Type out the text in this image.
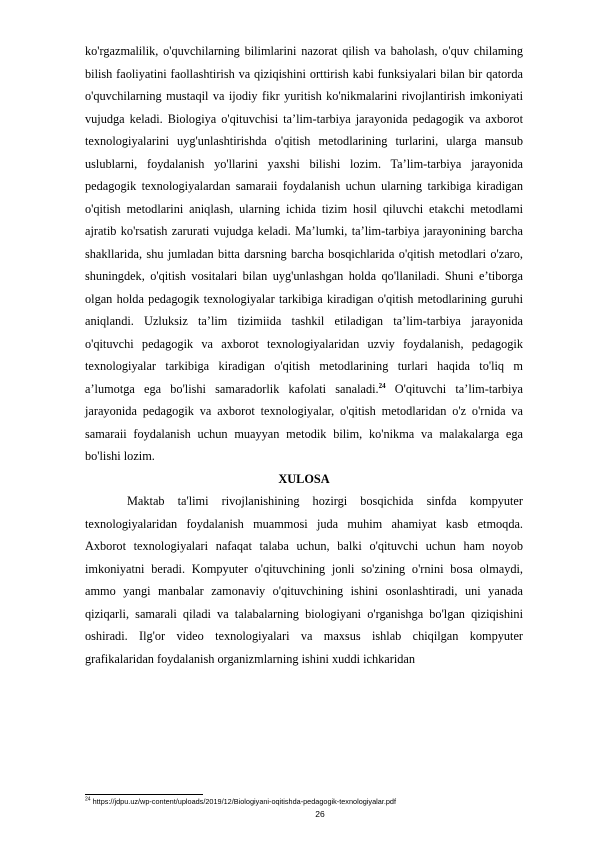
ko'rgazmalilik, o'quvchilarning bilimlarini nazorat qilish va baholash, o'quv chilaming bilish faoliyatini faollashtirish va qiziqishini orttirish kabi funksiyalari bilan bir qatorda o'quvchilarning mustaqil va ijodiy fikr yuritish ko'nikmalarini rivojlantirish imkoniyati vujudga keladi. Biologiya o'qituvchisi ta’lim-tarbiya jarayonida pedagogik va axborot texnologiyalarini uyg'unlashtirishda o'qitish metodlarining turlarini, ularga mansub uslublarni, foydalanish yo'llarini yaxshi bilishi lozim. Ta’lim-tarbiya jarayonida pedagogik texnologiyalardan samaraii foydalanish uchun ularning tarkibiga kiradigan o'qitish metodlarini aniqlash, ularning ichida tizim hosil qiluvchi etakchi metodlami ajratib ko'rsatish zarurati vujudga keladi. Ma’lumki, ta’lim-tarbiya jarayonining barcha shakllarida, shu jumladan bitta darsning barcha bosqichlarida o'qitish metodlari o'zaro, shuningdek, o'qitish vositalari bilan uyg'unlashgan holda qo'llaniladi. Shuni e’tiborga olgan holda pedagogik texnologiyalar tarkibiga kiradigan o'qitish metodlarining guruhi aniqlandi. Uzluksiz ta’lim tizimiida tashkil etiladigan ta’lim-tarbiya jarayonida o'qituvchi pedagogik va axborot texnologiyalaridan uzviy foydalanish, pedagogik texnologiyalar tarkibiga kiradigan o'qitish metodlarining turlari haqida to'liq m a’lumotga ega bo'lishi samaradorlik kafolati sanaladi.$^{24}$ O'qituvchi ta’lim-tarbiya jarayonida pedagogik va axborot texnologiyalar, o'qitish metodlaridan o'z o'rnida va samaraii foydalanish uchun muayyan metodik bilim, ko'nikma va malakalarga ega bo'lishi lozim.

XULOSA

Maktab ta'limi rivojlanishining hozirgi bosqichida sinfda kompyuter texnologiyalaridan foydalanish muammosi juda muhim ahamiyat kasb etmoqda. Axborot texnologiyalari nafaqat talaba uchun, balki o'qituvchi uchun ham noyob imkoniyatni beradi. Kompyuter o'qituvchining jonli so'zining o'rnini bosa olmaydi, ammo yangi manbalar zamonaviy o'qituvchining ishini osonlashtiradi, uni yanada qiziqarli, samarali qiladi va talabalarning biologiyani o'rganishga bo'lgan qiziqishini oshiradi. Ilg'or video texnologiyalari va maxsus ishlab chiqilgan kompyuter grafikalaridan foydalanish organizmlarning ishini xuddi ichkaridan

$^{24}$ https://jdpu.uz/wp-content/uploads/2019/12/Biologiyani-oqitishda-pedagogik-texnologiyalar.pdf
26
